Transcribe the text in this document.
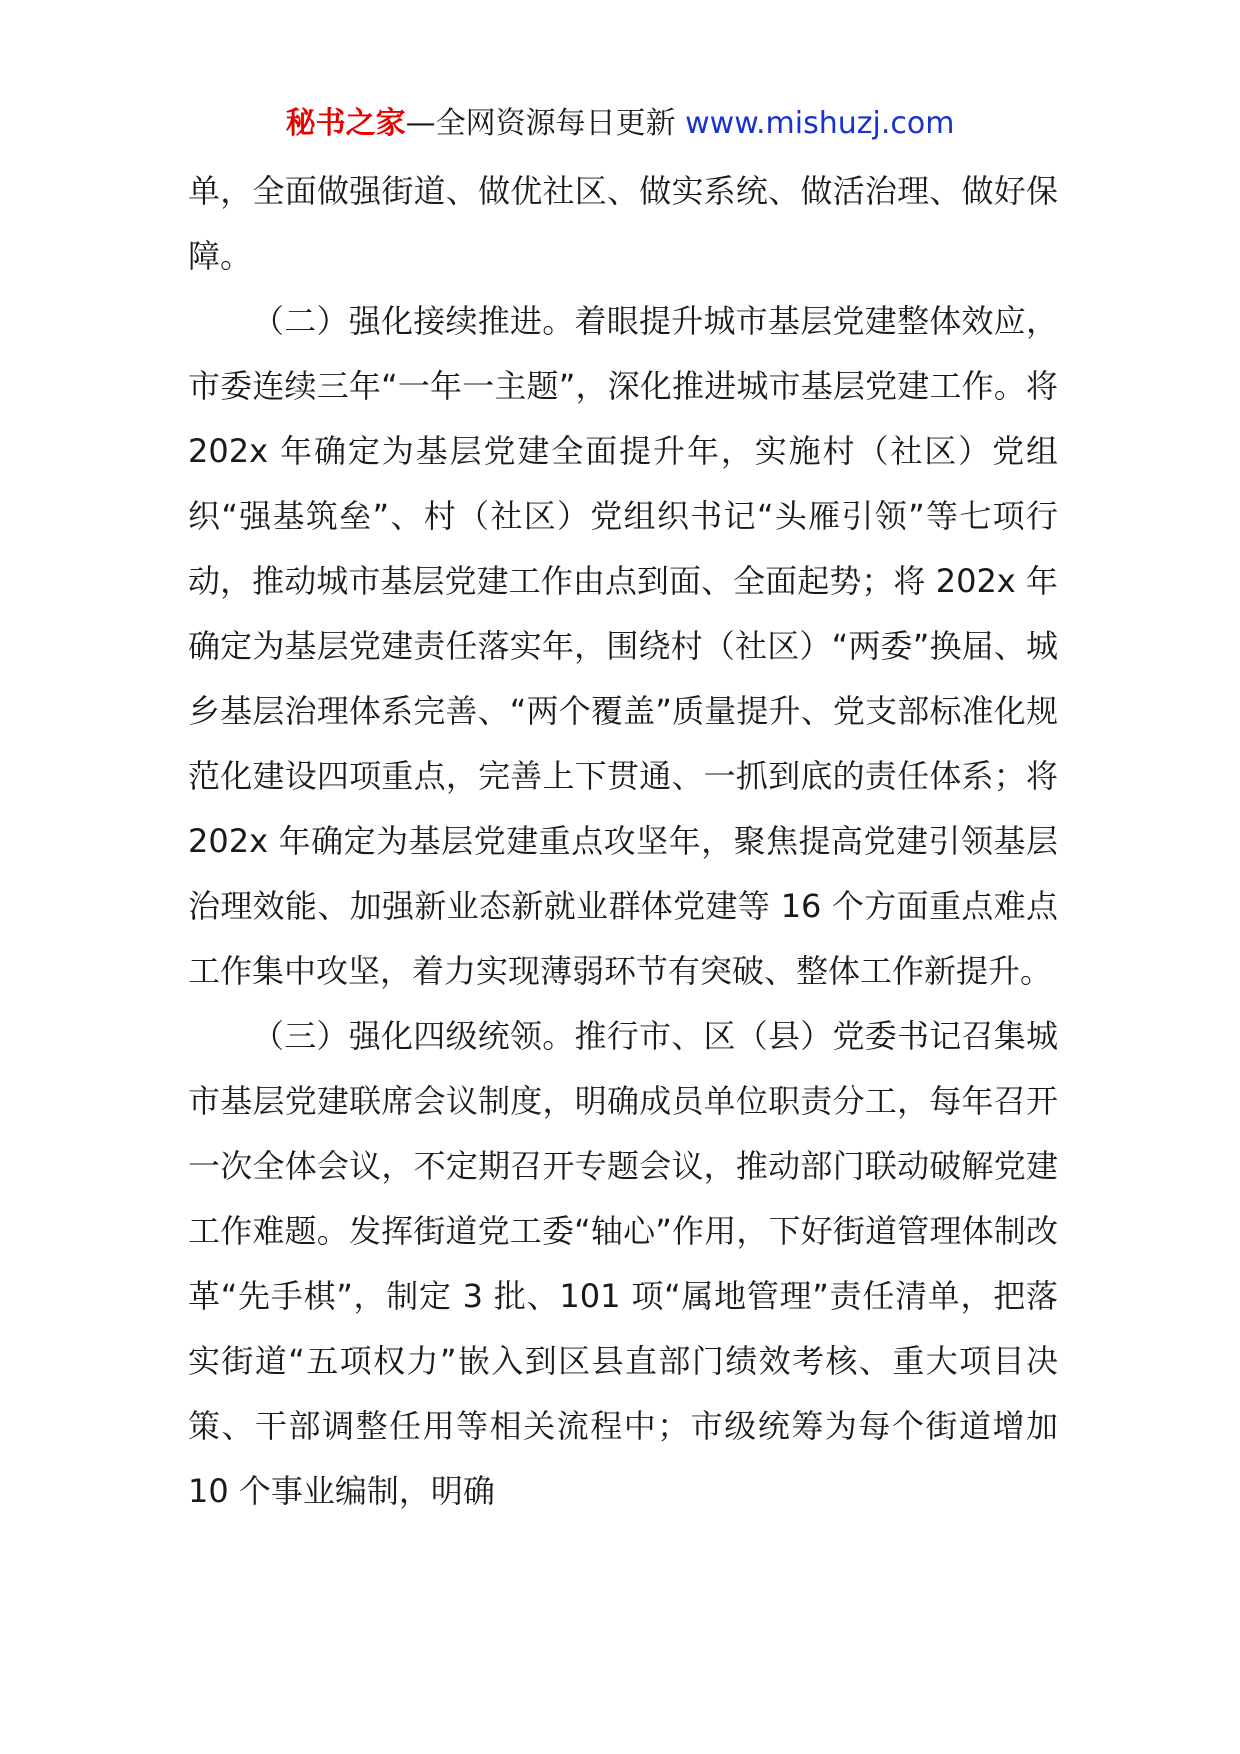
秘书之家—全网资源每日更新 www.mishuzj.com

单，全面做强街道、做优社区、做实系统、做活治理、做好保障。

（二）强化接续推进。着眼提升城市基层党建整体效应，市委连续三年“一年一主题”，深化推进城市基层党建工作。将 202x 年确定为基层党建全面提升年，实施村（社区）党组织“强基筑垒”、村（社区）党组织书记“头雁引领”等七项行动，推动城市基层党建工作由点到面、全面起势；将 202x 年确定为基层党建责任落实年，围绕村（社区）“两委”换届、城乡基层治理体系完善、“两个覆盖”质量提升、党支部标准化规范化建设四项重点，完善上下贯通、一抓到底的责任体系；将 202x 年确定为基层党建重点攻坚年，聚焦提高党建引领基层治理效能、加强新业态新就业群体党建等 16 个方面重点难点工作集中攻坚，着力实现薄弱环节有突破、整体工作新提升。

（三）强化四级统领。推行市、区（县）党委书记召集城市基层党建联席会议制度，明确成员单位职责分工，每年召开一次全体会议，不定期召开专题会议，推动部门联动破解党建工作难题。发挥街道党工委“轴心”作用，下好街道管理体制改革“先手棋”，制定 3 批、101 项“属地管理”责任清单，把落实街道“五项权力”嵌入到区县直部门绩效考核、重大项目决策、干部调整任用等相关流程中；市级统筹为每个街道增加 10 个事业编制，明确
